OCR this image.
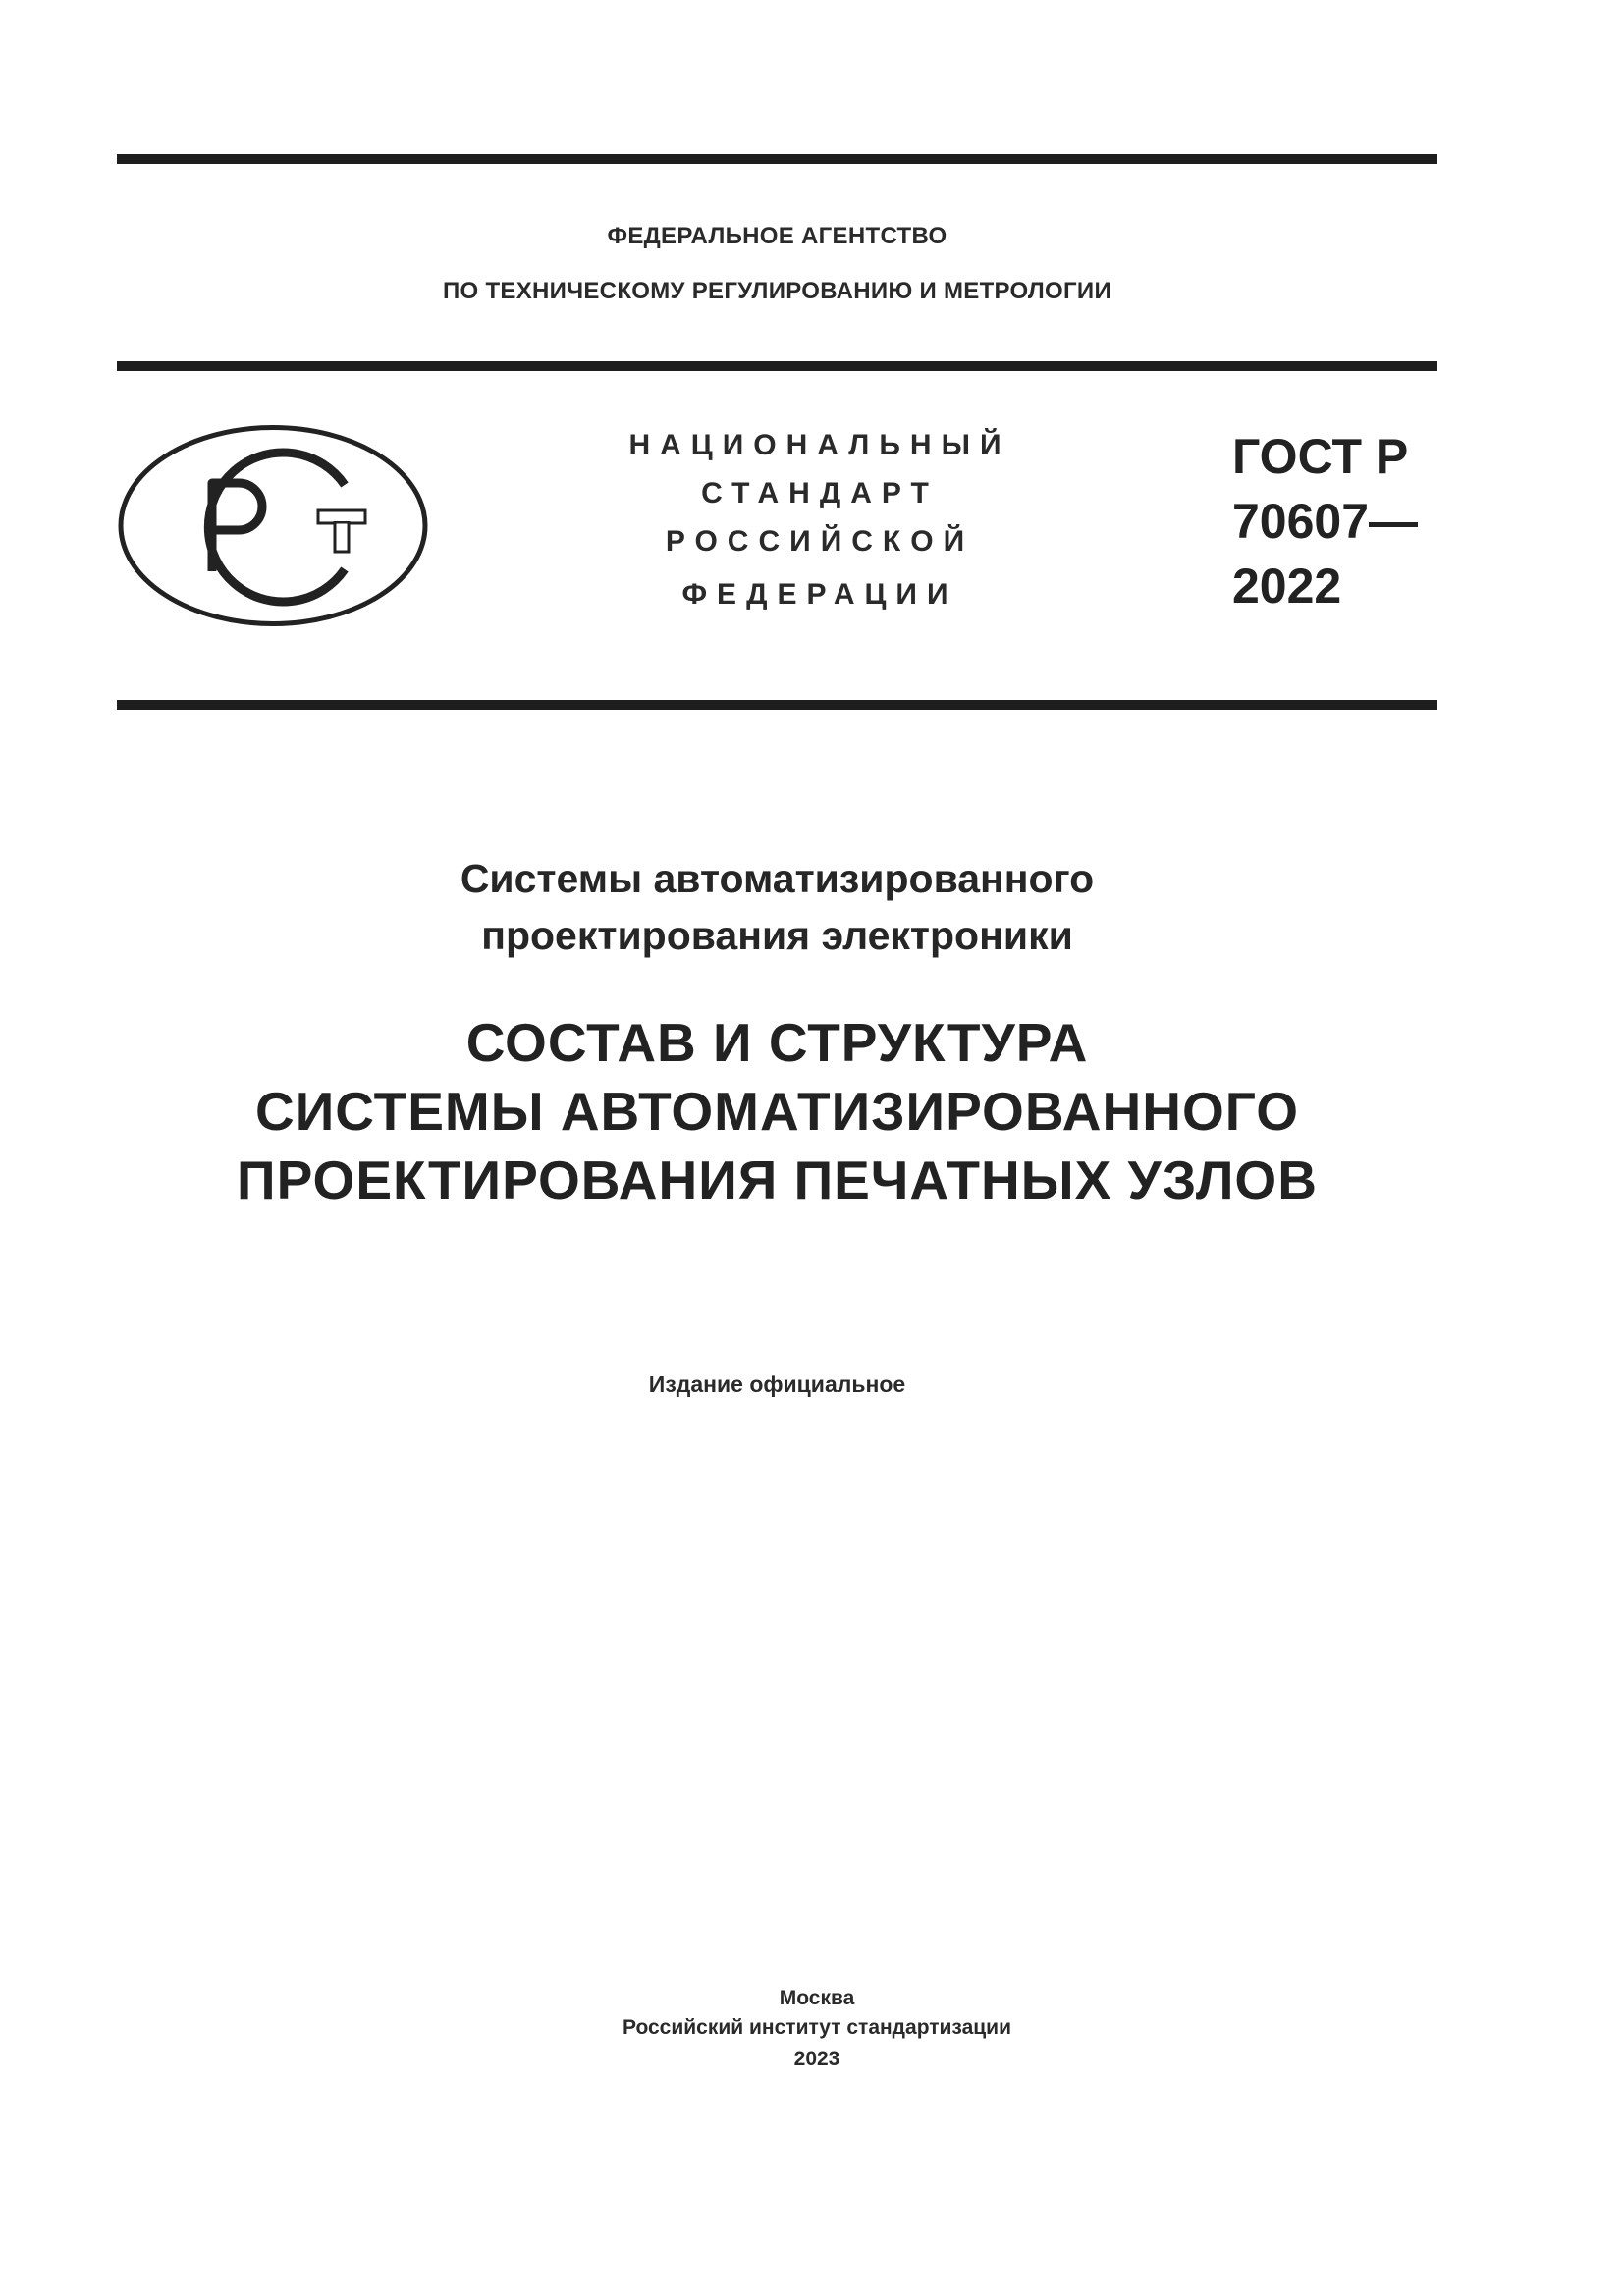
ФЕДЕРАЛЬНОЕ АГЕНТСТВО
ПО ТЕХНИЧЕСКОМУ РЕГУЛИРОВАНИЮ И МЕТРОЛОГИИ
НАЦИОНАЛЬНЫЙ
СТАНДАРТ
РОССИЙСКОЙ
ФЕДЕРАЦИИ
ГОСТ Р
70607—
2022
Системы автоматизированного
проектирования электроники
СОСТАВ И СТРУКТУРА
СИСТЕМЫ АВТОМАТИЗИРОВАННОГО
ПРОЕКТИРОВАНИЯ ПЕЧАТНЫХ УЗЛОВ
Издание официальное
Москва
Российский институт стандартизации
2023
